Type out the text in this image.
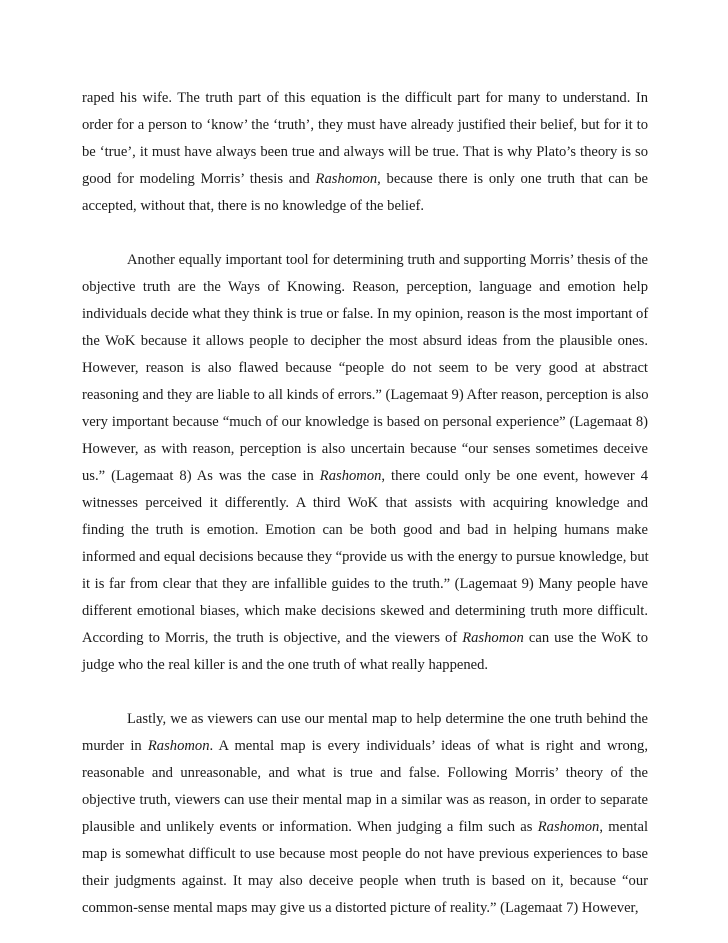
raped his wife. The truth part of this equation is the difficult part for many to understand. In
order for a person to ‘know’ the ‘truth’, they must have already justified their belief, but for it to
be ‘true’, it must have always been true and always will be true. That is why Plato’s theory is so
good for modeling Morris’ thesis and Rashomon, because there is only one truth that can be
accepted, without that, there is no knowledge of the belief.
Another equally important tool for determining truth and supporting Morris’ thesis of the
objective truth are the Ways of Knowing. Reason, perception, language and emotion help
individuals decide what they think is true or false. In my opinion, reason is the most important of
the WoK because it allows people to decipher the most absurd ideas from the plausible ones.
However, reason is also flawed because “people do not seem to be very good at abstract
reasoning and they are liable to all kinds of errors.” (Lagemaat 9) After reason, perception is also
very important because “much of our knowledge is based on personal experience” (Lagemaat 8)
However, as with reason, perception is also uncertain because “our senses sometimes deceive
us.” (Lagemaat 8) As was the case in Rashomon, there could only be one event, however 4
witnesses perceived it differently. A third WoK that assists with acquiring knowledge and
finding the truth is emotion. Emotion can be both good and bad in helping humans make
informed and equal decisions because they “provide us with the energy to pursue knowledge, but
it is far from clear that they are infallible guides to the truth.” (Lagemaat 9) Many people have
different emotional biases, which make decisions skewed and determining truth more difficult.
According to Morris, the truth is objective, and the viewers of Rashomon can use the WoK to
judge who the real killer is and the one truth of what really happened.
Lastly, we as viewers can use our mental map to help determine the one truth behind the
murder in Rashomon. A mental map is every individuals’ ideas of what is right and wrong,
reasonable and unreasonable, and what is true and false. Following Morris’ theory of the
objective truth, viewers can use their mental map in a similar was as reason, in order to separate
plausible and unlikely events or information. When judging a film such as Rashomon, mental
map is somewhat difficult to use because most people do not have previous experiences to base
their judgments against. It may also deceive people when truth is based on it, because “our
common-sense mental maps may give us a distorted picture of reality.” (Lagemaat 7) However,
